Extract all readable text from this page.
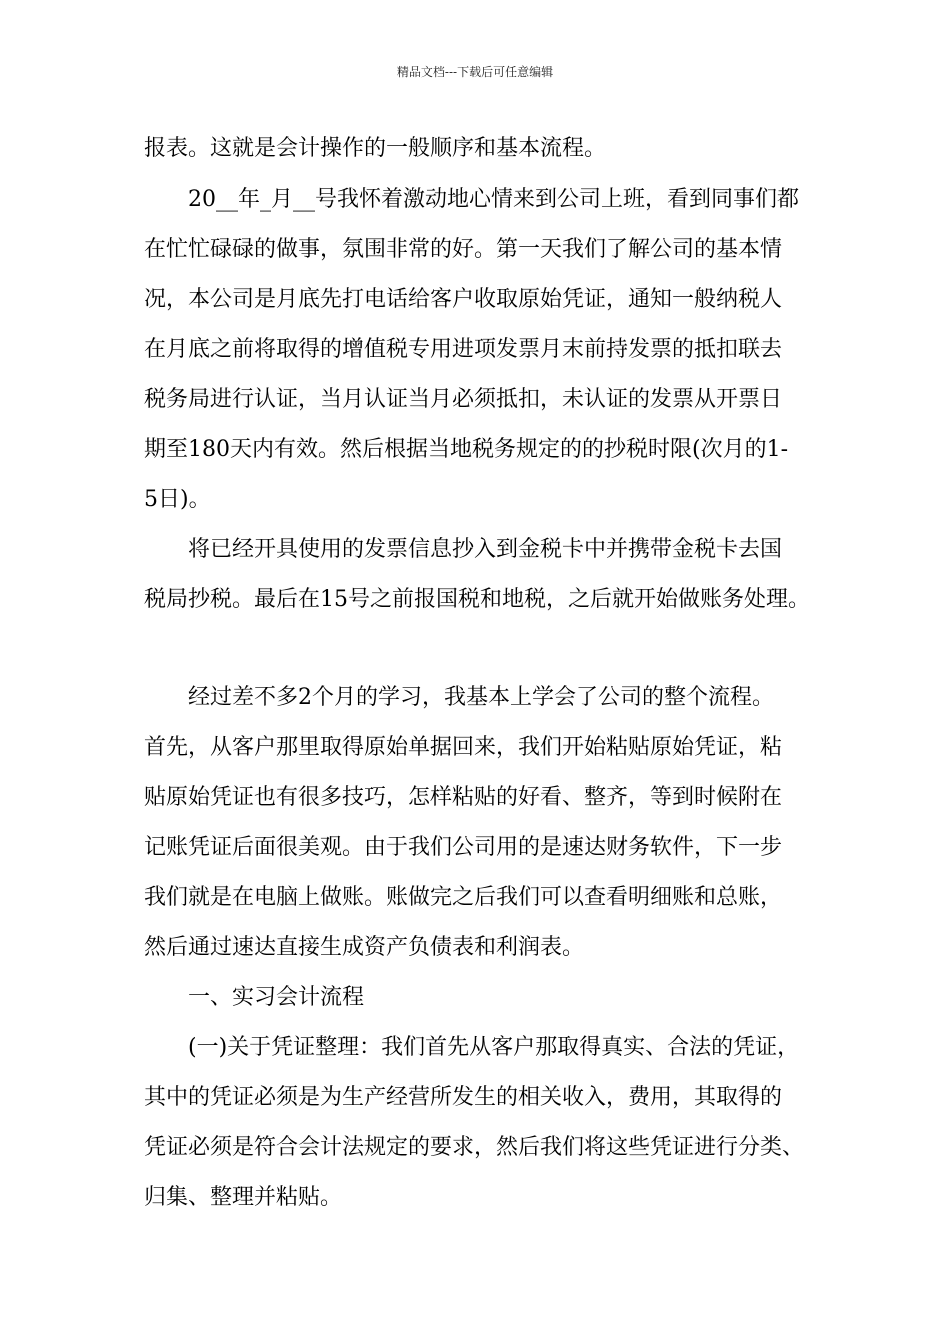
精品文档---下载后可任意编辑
报表。这就是会计操作的一般顺序和基本流程。
　　20__年_月__号我怀着激动地心情来到公司上班，看到同事们都
在忙忙碌碌的做事，氛围非常的好。第一天我们了解公司的基本情
况，本公司是月底先打电话给客户收取原始凭证，通知一般纳税人
在月底之前将取得的增值税专用进项发票月末前持发票的抵扣联去
税务局进行认证，当月认证当月必须抵扣，未认证的发票从开票日
期至180天内有效。然后根据当地税务规定的的抄税时限(次月的1-
5日)。
　　将已经开具使用的发票信息抄入到金税卡中并携带金税卡去国
税局抄税。最后在15号之前报国税和地税，之后就开始做账务处理。
　　经过差不多2个月的学习，我基本上学会了公司的整个流程。
首先，从客户那里取得原始单据回来，我们开始粘贴原始凭证，粘
贴原始凭证也有很多技巧，怎样粘贴的好看、整齐，等到时候附在
记账凭证后面很美观。由于我们公司用的是速达财务软件，下一步
我们就是在电脑上做账。账做完之后我们可以查看明细账和总账，
然后通过速达直接生成资产负债表和利润表。
　　一、实习会计流程
　　(一)关于凭证整理：我们首先从客户那取得真实、合法的凭证，
其中的凭证必须是为生产经营所发生的相关收入，费用，其取得的
凭证必须是符合会计法规定的要求，然后我们将这些凭证进行分类、
归集、整理并粘贴。
